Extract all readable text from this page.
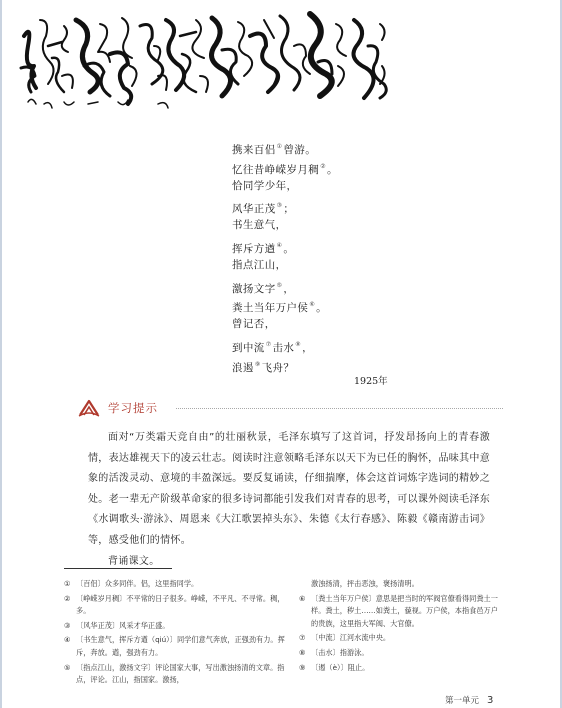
携来百侣①曾游。
忆往昔峥嵘岁月稠②。
恰同学少年，
风华正茂③；
书生意气，
挥斥方遒④。
指点江山，
激扬文字⑤，
粪土当年万户侯⑥。
曾记否，
到中流⑦击水⑧，
浪遏⑨飞舟？
1925年
学习提示

面对“万类霜天竞自由”的壮丽秋景，毛泽东填写了这首词，抒发昂扬向上的青春激情，表达雄视天下的凌云壮志。阅读时注意领略毛泽东以天下为已任的胸怀，品味其中意象的活泼灵动、意境的丰盈深远。要反复诵读，仔细揣摩，体会这首词炼字选词的精妙之处。老一辈无产阶级革命家的很多诗词都能引发我们对青春的思考，可以课外阅读毛泽东《水调歌头·游泳》、周恩来《大江歌罢掉头东》、朱德《太行春感》、陈毅《赣南游击词》等，感受他们的情怀。

背诵课文。

① 〔百侣〕众多同伴。侣，这里指同学。
② 〔峥嵘岁月稠〕不平常的日子很多。峥嵘，不平凡、不寻常。稠，多。
③ 〔风华正茂〕风采才华正盛。
④ 〔书生意气，挥斥方遒（qiú）〕同学们意气奔放，正强劲有力。挥斥，奔放。遒，强劲有力。
⑤ 〔指点江山，激扬文字〕评论国家大事，写出激浊扬清的文章。指点，评论。江山，指国家。激扬，
激浊扬清，抨击恶浊，褒扬清明。
⑥ 〔粪土当年万户侯〕意思是把当时的军阀官僚看得同粪土一样。粪土，秽土……如粪土，藐视。万户侯，本指食邑万户的贵族，这里指大军阀、大官僚。
⑦ 〔中流〕江河水流中央。
⑧ 〔击水〕指游泳。
⑨ 〔遏（è）〕阻止。
第一单元 3
